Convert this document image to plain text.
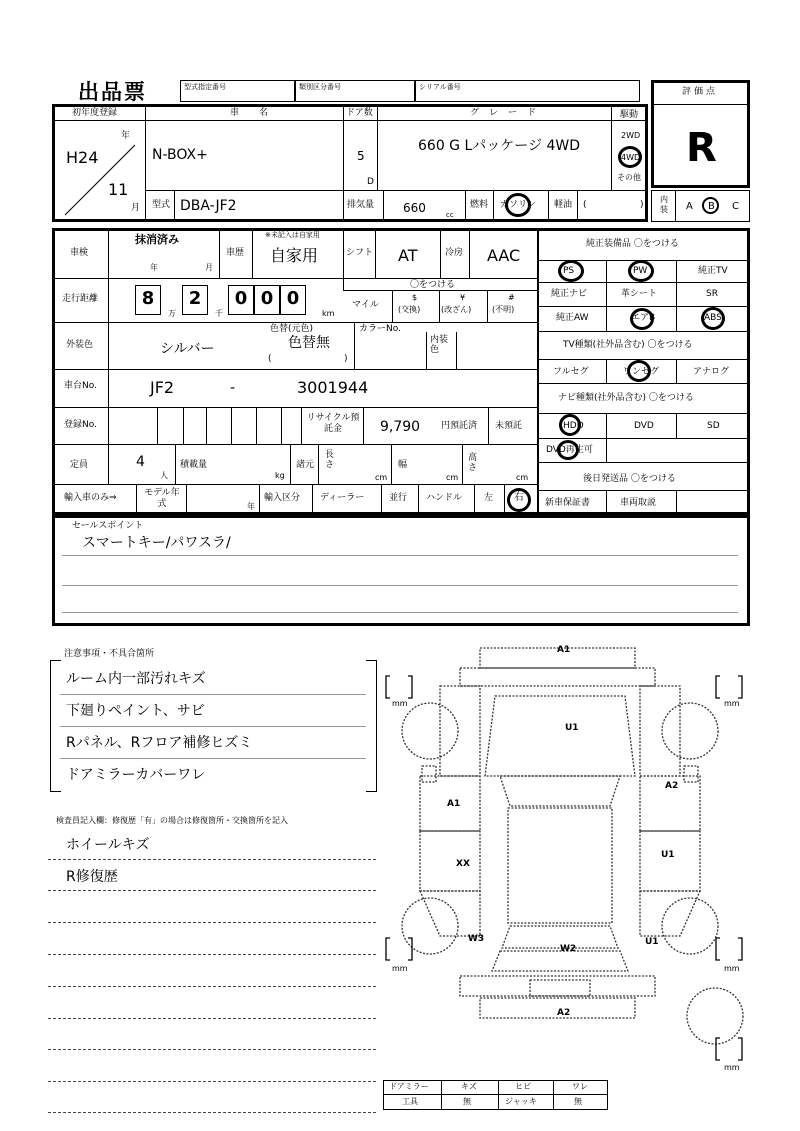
出品票	型式指定番号	類別区分番号	シリアル番号	評価点
R
内装 A B C
初年度登録
H24
年
11
月
車名
N-BOX+
ドア数
5
D
グレード
660 G Lパッケージ 4WD
駆動
2WD
4WD
その他
型式 DBA-JF2	排気量 660	cc
燃料 ガソリン 軽油 (	)
車検
抹消済み
年	月
車歴
※未記入は自家用
自家用	シフト AT	冷房 AAC
走行距離	8	2	0 0 0
万	千	km
〇をつける
マイル
$
(交換)
¥
(改ざん)
#
(不明)
外装色	シルバー
色替(元色)
色替無
(	)
カラーNo.
内装色
車台No.	JF2	-	3001944
登録No.
リサイクル預託金	9,790 円預託済 未預託
定員	4
人
積載量
kg
諸元
長さ
cm
幅
cm
高さ
cm
輸入車のみ⇒	モデル年式	年
輸入区分 ディーラー	並行 ハンドル 左 右
純正装備品 〇をつける
PS	PW	純正TV
純正ナビ	革シート	SR
純正AW	エアB	ABS
TV種類(社外品含む) 〇をつける
フルセグ	ワンセグ	アナログ
ナビ種類(社外品含む) 〇をつける
HDD	DVD	SD
DVD再生可
後日発送品 〇をつける
新車保証書	車両取説
セールスポイント
スマートキー/パワスラ/
注意事項・不具合箇所
ルーム内一部汚れキズ
下廻りペイント、サビ
Rパネル、Rフロア補修ヒズミ
ドアミラーカバーワレ
検査員記入欄：修復歴「有」の場合は修復箇所・交換箇所を記入
ホイールキズ
R修復歴
A1
U1
A1
A2
XX
U1
W3
W2
U1
A2
mm	mm
mm	mm
mm
ドアミラー	キズ	ヒビ	ワレ
工具	無	ジャッキ	無
